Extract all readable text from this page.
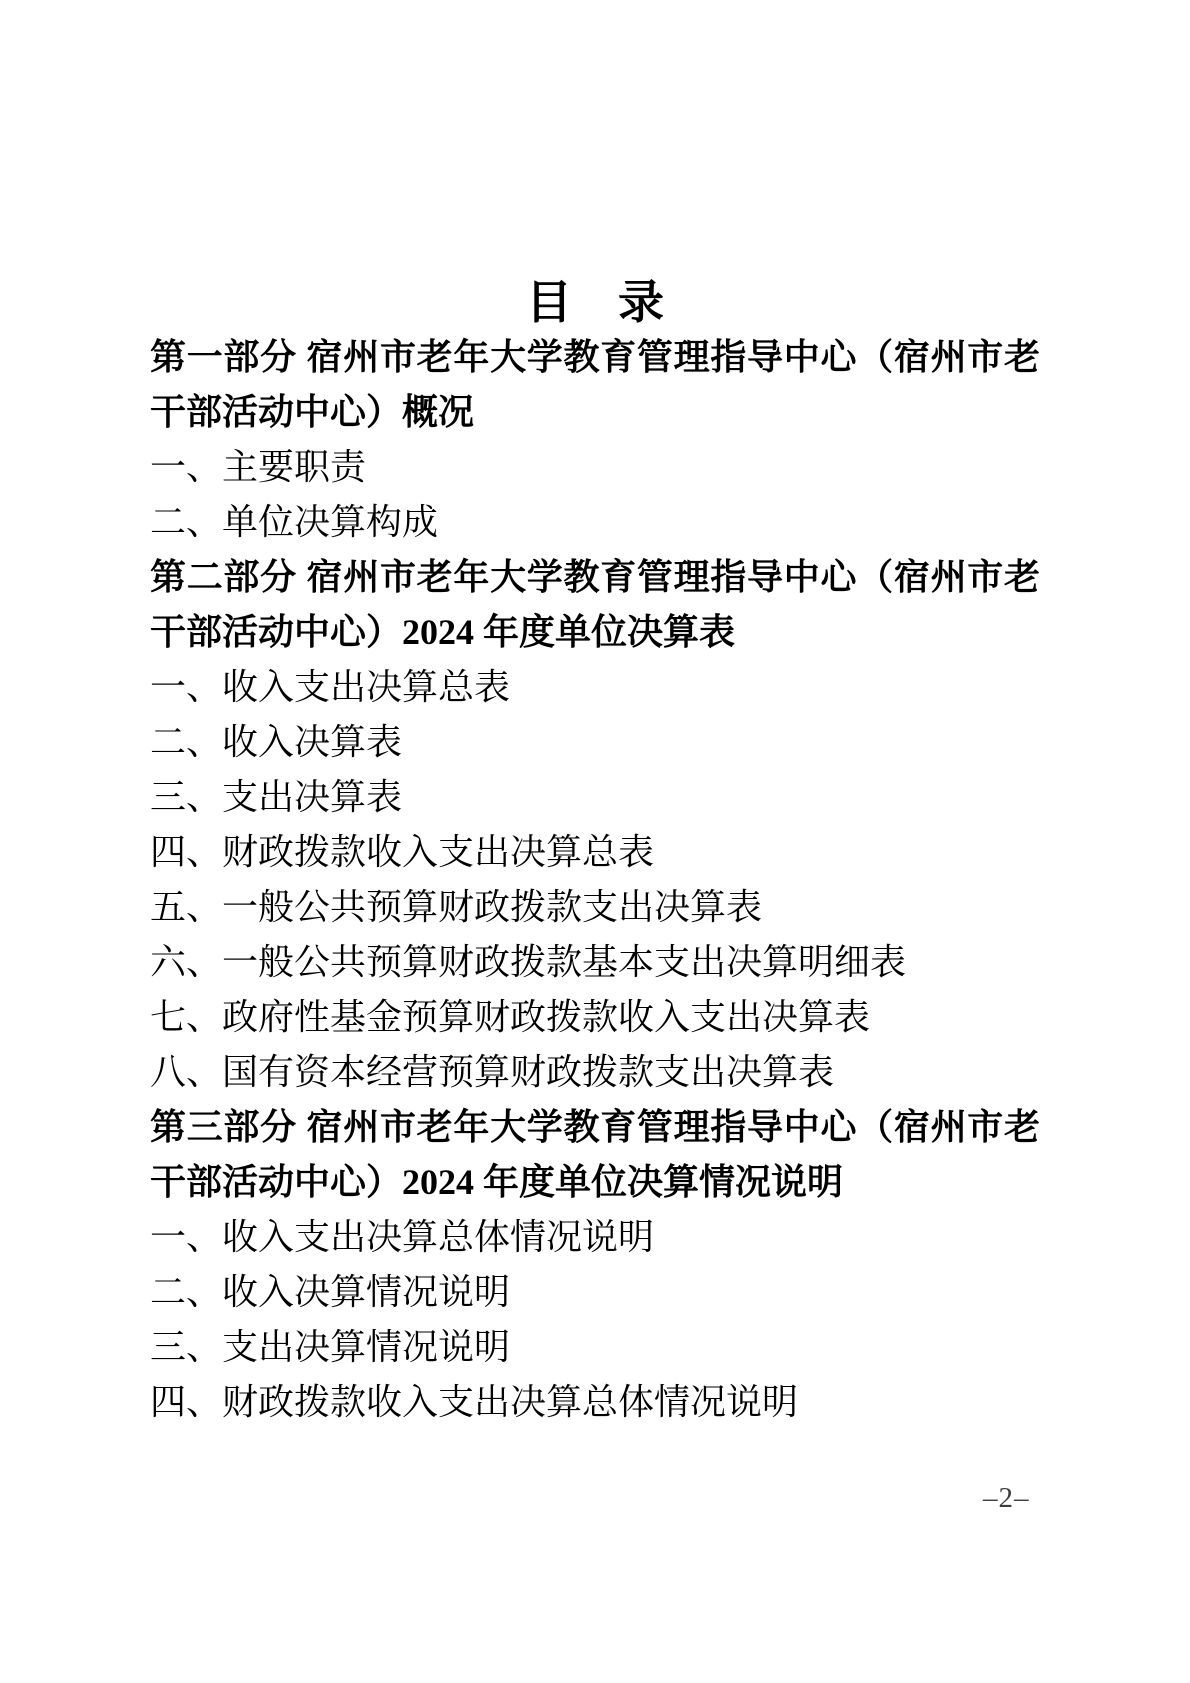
目　录

第一部分 宿州市老年大学教育管理指导中心（宿州市老干部活动中心）概况

一、主要职责

二、单位决算构成

第二部分 宿州市老年大学教育管理指导中心（宿州市老干部活动中心）2024 年度单位决算表

一、收入支出决算总表

二、收入决算表

三、支出决算表

四、财政拨款收入支出决算总表

五、一般公共预算财政拨款支出决算表

六、一般公共预算财政拨款基本支出决算明细表

七、政府性基金预算财政拨款收入支出决算表

八、国有资本经营预算财政拨款支出决算表

第三部分 宿州市老年大学教育管理指导中心（宿州市老干部活动中心）2024 年度单位决算情况说明

一、收入支出决算总体情况说明

二、收入决算情况说明

三、支出决算情况说明

四、财政拨款收入支出决算总体情况说明

–2–
